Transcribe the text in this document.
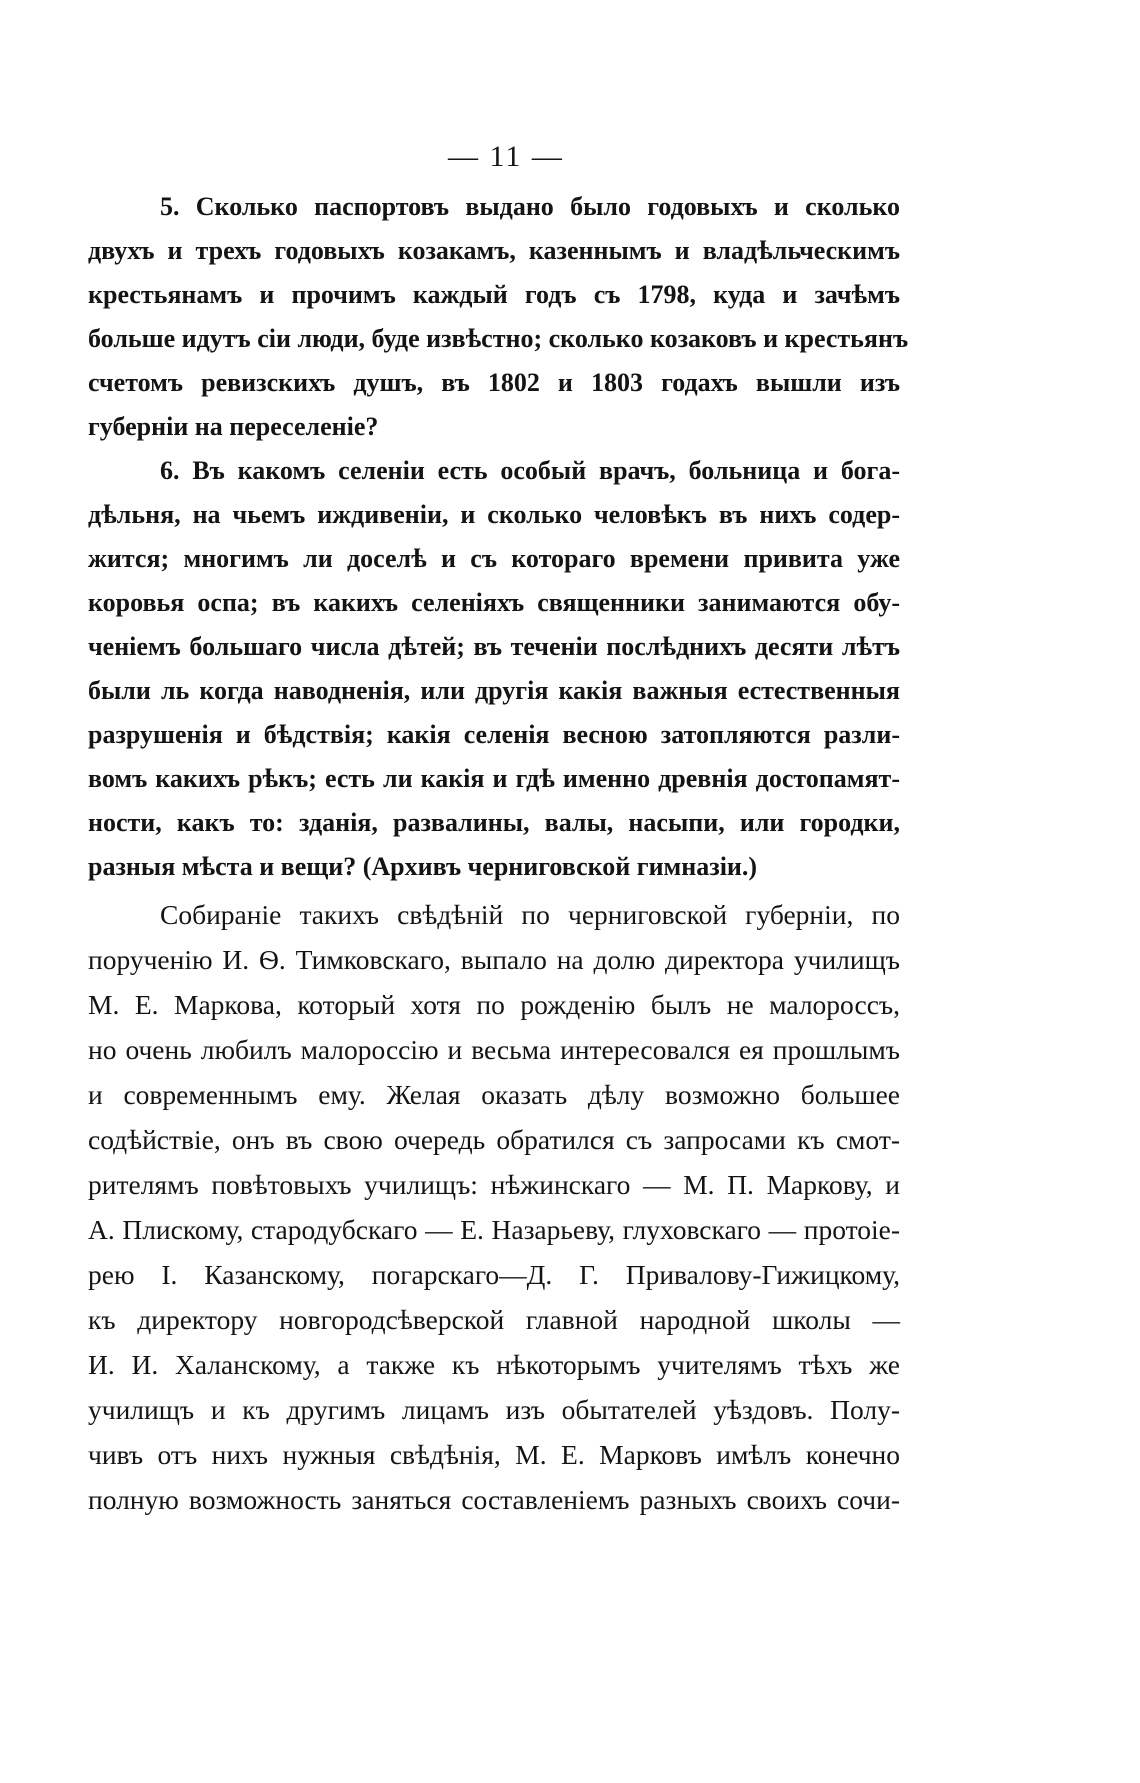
— 11 —
5. Сколько паспортовъ выдано было годовыхъ и сколько
двухъ и трехъ годовыхъ козакамъ, казеннымъ и владѣльческимъ
крестьянамъ и прочимъ каждый годъ съ 1798, куда и зачѣмъ
больше идутъ сіи люди, буде извѣстно; сколько козаковъ и крестьянъ
счетомъ ревизскихъ душъ, въ 1802 и 1803 годахъ вышли изъ
губерніи на переселеніе?
6. Въ какомъ селеніи есть особый врачъ, больница и бога-
дѣльня, на чьемъ иждивеніи, и сколько человѣкъ въ нихъ содер-
жится; многимъ ли доселѣ и съ котораго времени привита уже
коровья оспа; въ какихъ селеніяхъ священники занимаются обу-
ченіемъ большаго числа дѣтей; въ теченіи послѣднихъ десяти лѣтъ
были ль когда наводненія, или другія какія важныя естественныя
разрушенія и бѣдствія; какія селенія весною затопляются разли-
вомъ какихъ рѣкъ; есть ли какія и гдѣ именно древнія достопамят-
ности, какъ то: зданія, развалины, валы, насыпи, или городки,
разныя мѣста и вещи? (Архивъ черниговской гимназіи.)
Собираніе такихъ свѣдѣній по черниговской губерніи, по
порученію И. Ѳ. Тимковскаго, выпало на долю директора училищъ
М. Е. Маркова, который хотя по рожденію былъ не малороссъ,
но очень любилъ малороссію и весьма интересовался ея прошлымъ
и современнымъ ему. Желая оказать дѣлу возможно большее
содѣйствіе, онъ въ свою очередь обратился съ запросами къ смот-
рителямъ повѣтовыхъ училищъ: нѣжинскаго — М. П. Маркову, и
А. Плискому, стародубскаго — Е. Назарьеву, глуховскаго — протоіе-
рею І. Казанскому, погарскаго—Д. Г. Привалову-Гижицкому,
къ директору новгородсѣверской главной народной школы —
И. И. Халанскому, а также къ нѣкоторымъ учителямъ тѣхъ же
училищъ и къ другимъ лицамъ изъ обытателей уѣздовъ. Полу-
чивъ отъ нихъ нужныя свѣдѣнія, М. Е. Марковъ имѣлъ конечно
полную возможность заняться составленіемъ разныхъ своихъ сочи-
